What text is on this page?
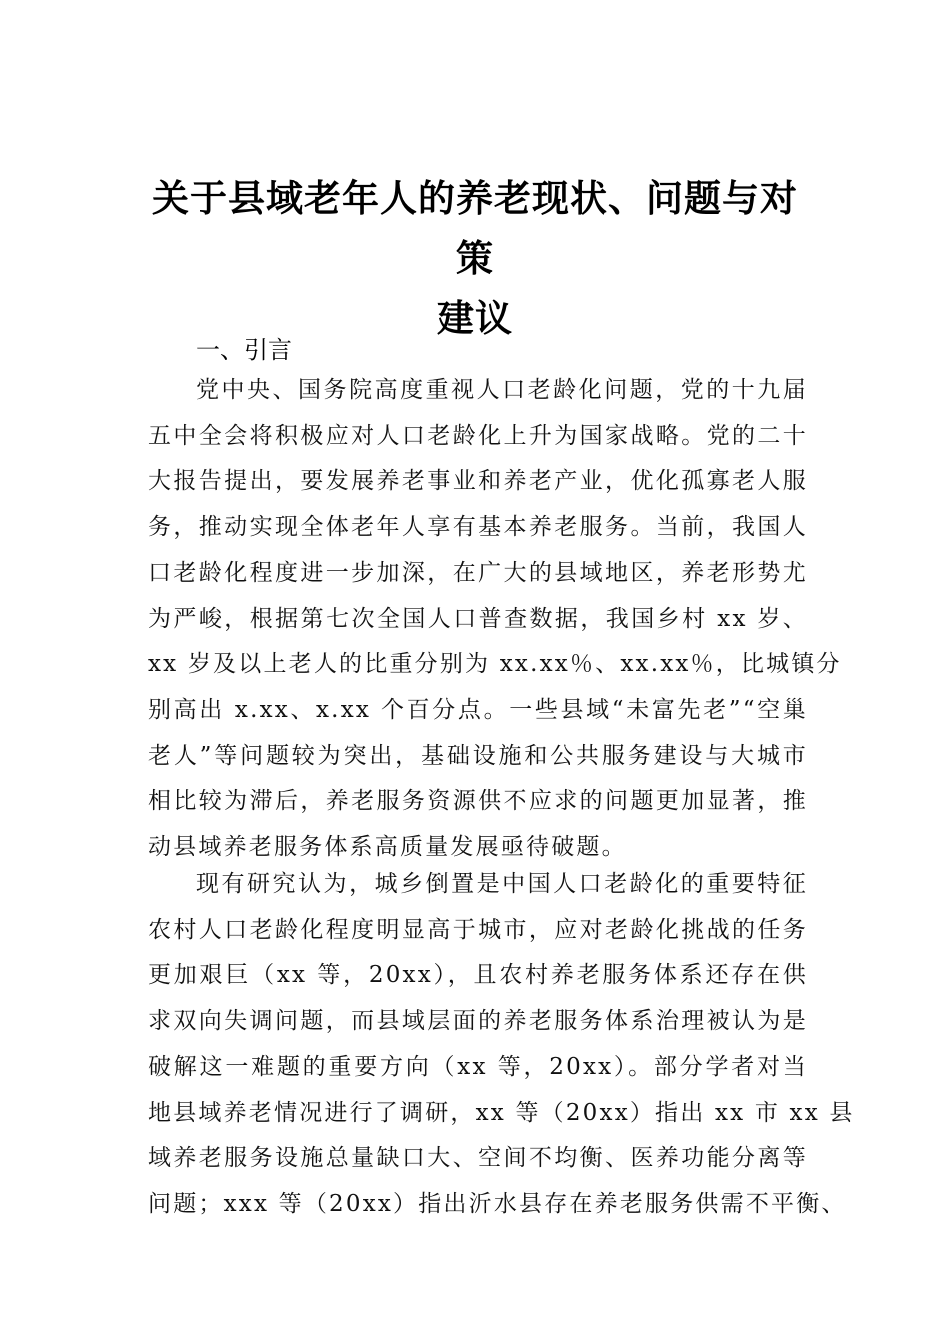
关于县域老年人的养老现状、问题与对策
建议
一、引言

党中央、国务院高度重视人口老龄化问题，党的十九届
五中全会将积极应对人口老龄化上升为国家战略。党的二十
大报告提出，要发展养老事业和养老产业，优化孤寡老人服
务，推动实现全体老年人享有基本养老服务。当前，我国人
口老龄化程度进一步加深，在广大的县域地区，养老形势尤
为严峻，根据第七次全国人口普查数据，我国乡村 xx 岁、
xx 岁及以上老人的比重分别为 xx.xx％、xx.xx％，比城镇分
别高出 x.xx、x.xx 个百分点。一些县域“未富先老”“空巢
老人”等问题较为突出，基础设施和公共服务建设与大城市
相比较为滞后，养老服务资源供不应求的问题更加显著，推
动县域养老服务体系高质量发展亟待破题。

现有研究认为，城乡倒置是中国人口老龄化的重要特征
农村人口老龄化程度明显高于城市，应对老龄化挑战的任务
更加艰巨（xx 等，20xx），且农村养老服务体系还存在供
求双向失调问题，而县域层面的养老服务体系治理被认为是
破解这一难题的重要方向（xx 等，20xx）。部分学者对当
地县域养老情况进行了调研，xx 等（20xx）指出 xx 市 xx 县
域养老服务设施总量缺口大、空间不均衡、医养功能分离等
问题；xxx 等（20xx）指出沂水县存在养老服务供需不平衡、
